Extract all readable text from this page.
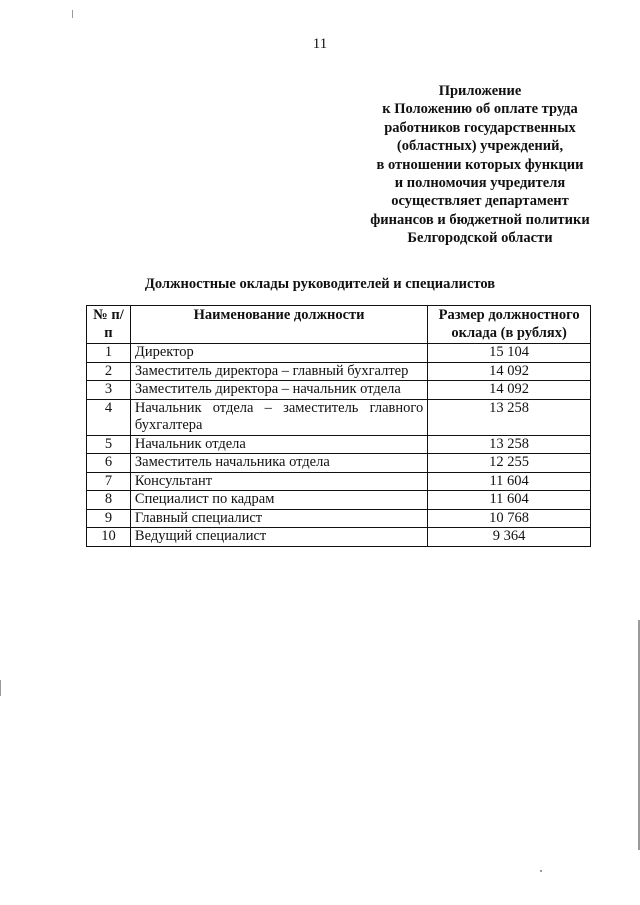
11
Приложение
к Положению об оплате труда
работников государственных
(областных) учреждений,
в отношении которых функции
и полномочия учредителя
осуществляет департамент
финансов и бюджетной политики
Белгородской области
Должностные оклады руководителей и специалистов
№ п/п	Наименование должности	Размер должностного оклада (в рублях)
1	Директор	15 104
2	Заместитель директора – главный бухгалтер	14 092
3	Заместитель директора – начальник отдела	14 092
4	Начальник отдела – заместитель главного бухгалтера	13 258
5	Начальник отдела	13 258
6	Заместитель начальника отдела	12 255
7	Консультант	11 604
8	Специалист по кадрам	11 604
9	Главный специалист	10 768
10	Ведущий специалист	9 364
